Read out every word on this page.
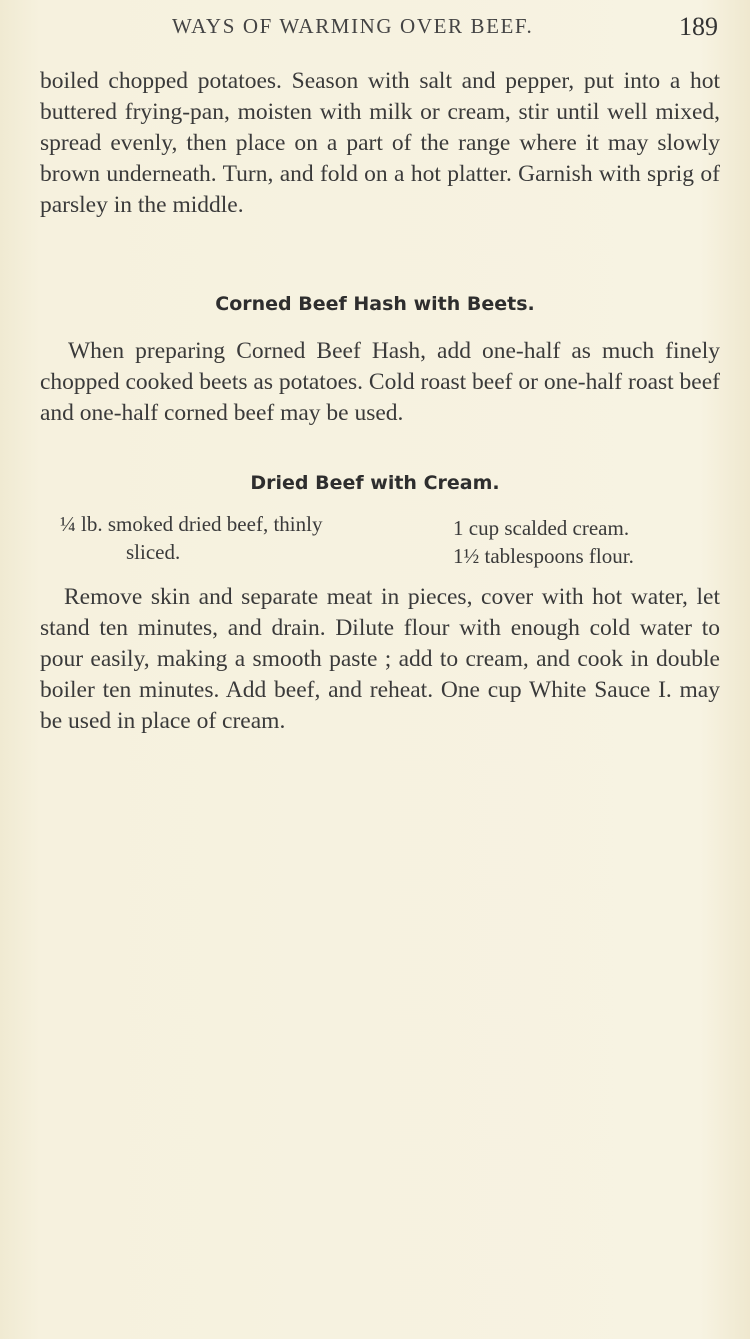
WAYS OF WARMING OVER BEEF.	189

boiled chopped potatoes. Season with salt and pepper, put into a hot buttered frying-pan, moisten with milk or cream, stir until well mixed, spread evenly, then place on a part of the range where it may slowly brown underneath. Turn, and fold on a hot platter. Garnish with sprig of parsley in the middle.

Corned Beef Hash with Beets.

When preparing Corned Beef Hash, add one-half as much finely chopped cooked beets as potatoes. Cold roast beef or one-half roast beef and one-half corned beef may be used.

Dried Beef with Cream.
¼ lb. smoked dried beef, thinly
sliced.
1 cup scalded cream.
1½ tablespoons flour.

Remove skin and separate meat in pieces, cover with hot water, let stand ten minutes, and drain. Dilute flour with enough cold water to pour easily, making a smooth paste ; add to cream, and cook in double boiler ten minutes. Add beef, and reheat. One cup White Sauce I. may be used in place of cream.
